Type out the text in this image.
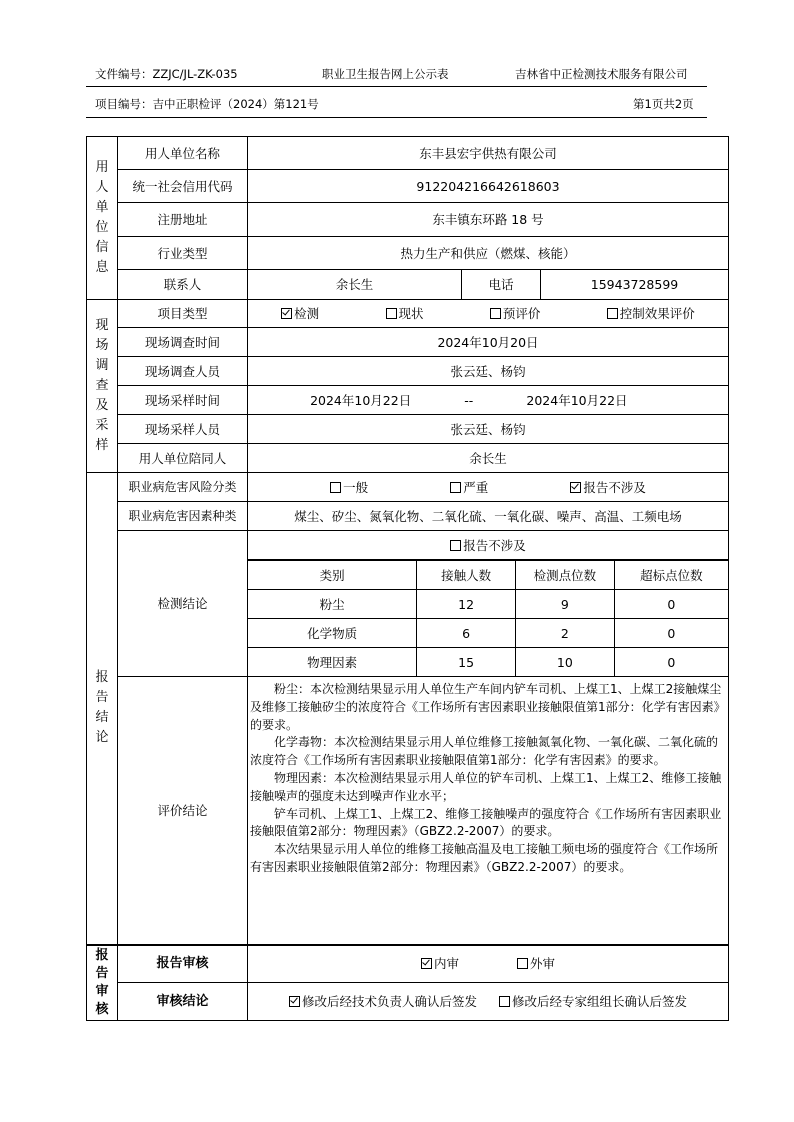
文件编号：ZZJC/JL-ZK-035	职业卫生报告网上公示表	吉林省中正检测技术服务有限公司
项目编号：吉中正职检评（2024）第121号	第1页共2页
用
人
单
位
信
息
	用人单位名称	东丰县宏宇供热有限公司
统一社会信用代码	912204216642618603
注册地址	东丰镇东环路 18 号
行业类型	热力生产和供应（燃煤、核能）
联系人	余长生	电话	15943728599

现
场
调
查
及
采
样
	项目类型	检测	现状	预评价	控制效果评价

现场调查时间	2024年10月20日
现场调查人员	张云廷、杨钧
现场采样时间	2024年10月22日	--	2024年10月22日

现场采样人员	张云廷、杨钧
用人单位陪同人	余长生

报
告
结
论
	职业病危害风险分类	一般	严重	报告不涉及

职业病危害因素种类	煤尘、矽尘、氮氧化物、二氧化硫、一氧化碳、噪声、高温、工频电场
检测结论	报告不涉及

类别	接触人数	检测点位数	超标点位数
粉尘	12	9	0
化学物质	6	2	0
物理因素	15	10	0

评价结论	

粉尘：本次检测结果显示用人单位生产车间内铲车司机、上煤工1、上煤工2接触煤尘及维修工接触矽尘的浓度符合《工作场所有害因素职业接触限值第1部分：化学有害因素》的要求。

化学毒物：本次检测结果显示用人单位维修工接触氮氧化物、一氧化碳、二氧化硫的浓度符合《工作场所有害因素职业接触限值第1部分：化学有害因素》的要求。

物理因素：本次检测结果显示用人单位的铲车司机、上煤工1、上煤工2、维修工接触接触噪声的强度未达到噪声作业水平；

铲车司机、上煤工1、上煤工2、维修工接触噪声的强度符合《工作场所有害因素职业接触限值第2部分：物理因素》（GBZ2.2-2007）的要求。

本次结果显示用人单位的维修工接触高温及电工接触工频电场的强度符合《工作场所有害因素职业接触限值第2部分：物理因素》（GBZ2.2-2007）的要求。

报
告
审
核
	报告审核	内审	外审

审核结论	修改后经技术负责人确认后签发	修改后经专家组组长确认后签发
